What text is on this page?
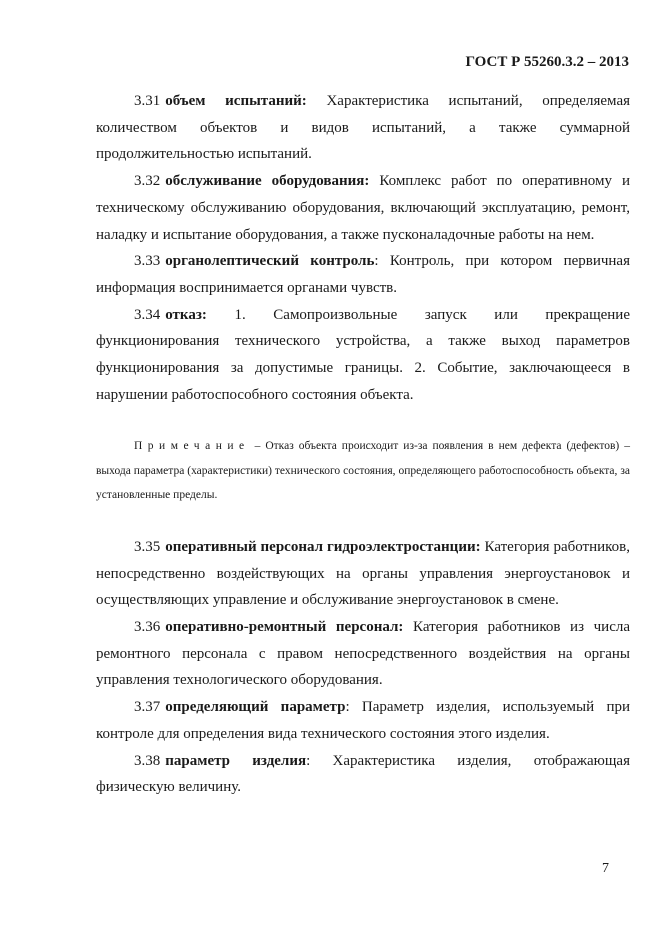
ГОСТ Р 55260.3.2 – 2013

3.31 объем испытаний: Характеристика испытаний, определяемая количеством объектов и видов испытаний, а также суммарной продолжительностью испытаний.

3.32 обслуживание оборудования: Комплекс работ по оперативному и техническому обслуживанию оборудования, включающий эксплуатацию, ремонт, наладку и испытание оборудования, а также пусконаладочные работы на нем.

3.33 органолептический контроль: Контроль, при котором первичная информация воспринимается органами чувств.

3.34 отказ: 1. Самопроизвольные запуск или прекращение функционирования технического устройства, а также выход параметров функционирования за допустимые границы. 2. Событие, заключающееся в нарушении работоспособного состояния объекта.

Примечание – Отказ объекта происходит из-за появления в нем дефекта (дефектов) – выхода параметра (характеристики) технического состояния, определяющего работоспособность объекта, за установленные пределы.

3.35 оперативный персонал гидроэлектростанции: Категория работников, непосредственно воздействующих на органы управления энергоустановок и осуществляющих управление и обслуживание энергоустановок в смене.

3.36 оперативно-ремонтный персонал: Категория работников из числа ремонтного персонала с правом непосредственного воздействия на органы управления технологического оборудования.

3.37 определяющий параметр: Параметр изделия, используемый при контроле для определения вида технического состояния этого изделия.

3.38 параметр изделия: Характеристика изделия, отображающая физическую величину.

7
